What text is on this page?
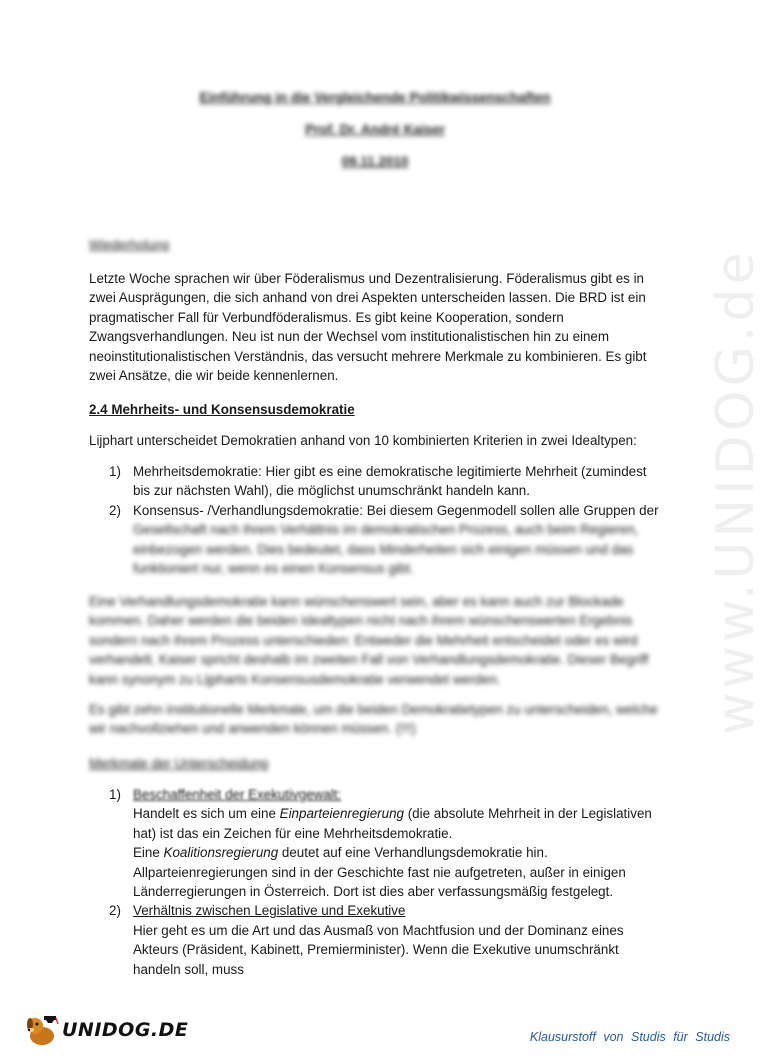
www.UNIDOG.de
Einführung in die Vergleichende Politikwissenschaften
Prof. Dr. André Kaiser
09.11.2010
Wiederholung

Letzte Woche sprachen wir über Föderalismus und Dezentralisierung. Föderalismus gibt es in zwei Ausprägungen, die sich anhand von drei Aspekten unterscheiden lassen. Die BRD ist ein pragmatischer Fall für Verbundföderalismus. Es gibt keine Kooperation, sondern Zwangsverhandlungen. Neu ist nun der Wechsel vom institutionalistischen hin zu einem neoinstitutionalistischen Verständnis, das versucht mehrere Merkmale zu kombinieren. Es gibt zwei Ansätze, die wir beide kennenlernen.

2.4 Mehrheits- und Konsensusdemokratie

Lijphart unterscheidet Demokratien anhand von 10 kombinierten Kriterien in zwei Idealtypen:

1) Mehrheitsdemokratie: Hier gibt es eine demokratische legitimierte Mehrheit (zumindest bis zur nächsten Wahl), die möglichst unumschränkt handeln kann.
2) Konsensus- /Verhandlungsdemokratie: Bei diesem Gegenmodell sollen alle Gruppen der
Gesellschaft nach ihrem Verhältnis im demokratischen Prozess, auch beim Regieren, einbezogen werden. Dies bedeutet, dass Minderheiten sich einigen müssen und das funktioniert nur, wenn es einen Konsensus gibt.

Eine Verhandlungsdemokratie kann wünschenswert sein, aber es kann auch zur Blockade kommen. Daher werden die beiden Idealtypen nicht nach ihrem wünschenswerten Ergebnis sondern nach ihrem Prozess unterschieden: Entweder die Mehrheit entscheidet oder es wird verhandelt. Kaiser spricht deshalb im zweiten Fall von Verhandlungsdemokratie. Dieser Begriff kann synonym zu Lijpharts Konsensusdemokratie verwendet werden.

Es gibt zehn institutionelle Merkmale, um die beiden Demokratietypen zu unterscheiden, welche wir nachvollziehen und anwenden können müssen. (!!!)

Merkmale der Unterscheidung
1) Beschaffenheit der Exekutivgewalt:
Handelt es sich um eine Einparteienregierung (die absolute Mehrheit in der Legislativen hat) ist das ein Zeichen für eine Mehrheitsdemokratie.
Eine Koalitionsregierung deutet auf eine Verhandlungsdemokratie hin.
Allparteienregierungen sind in der Geschichte fast nie aufgetreten, außer in einigen Länderregierungen in Österreich. Dort ist dies aber verfassungsmäßig festgelegt.
2) Verhältnis zwischen Legislative und Exekutive
Hier geht es um die Art und das Ausmaß von Machtfusion und der Dominanz eines Akteurs (Präsident, Kabinett, Premierminister). Wenn die Exekutive unumschränkt handeln soll, muss
UNIDOG.DE	Klausurstoff von Studis für Studis
